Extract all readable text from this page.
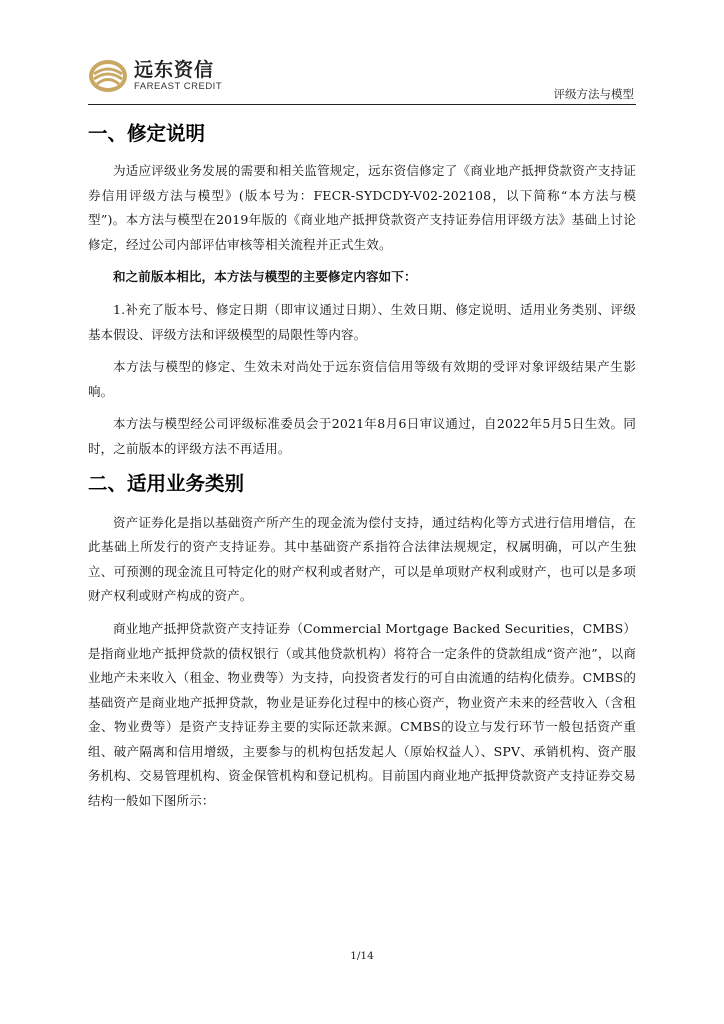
远东资信
FAREAST CREDIT
评级方法与模型
一、修定说明

为适应评级业务发展的需要和相关监管规定，远东资信修定了《商业地产抵押贷款资产支持证券信用评级方法与模型》(版本号为：FECR-SYDCDY-V02-202108，以下简称“本方法与模型”)。本方法与模型在2019年版的《商业地产抵押贷款资产支持证券信用评级方法》基础上讨论修定，经过公司内部评估审核等相关流程并正式生效。

和之前版本相比，本方法与模型的主要修定内容如下：

1.补充了版本号、修定日期（即审议通过日期）、生效日期、修定说明、适用业务类别、评级基本假设、评级方法和评级模型的局限性等内容。

本方法与模型的修定、生效未对尚处于远东资信信用等级有效期的受评对象评级结果产生影响。

本方法与模型经公司评级标准委员会于2021年8月6日审议通过，自2022年5月5日生效。同时，之前版本的评级方法不再适用。

二、适用业务类别

资产证券化是指以基础资产所产生的现金流为偿付支持，通过结构化等方式进行信用增信，在此基础上所发行的资产支持证券。其中基础资产系指符合法律法规规定，权属明确，可以产生独立、可预测的现金流且可特定化的财产权利或者财产，可以是单项财产权利或财产，也可以是多项财产权利或财产构成的资产。

商业地产抵押贷款资产支持证券（Commercial Mortgage Backed Securities，CMBS）是指商业地产抵押贷款的债权银行（或其他贷款机构）将符合一定条件的贷款组成“资产池”，以商业地产未来收入（租金、物业费等）为支持，向投资者发行的可自由流通的结构化债券。CMBS的基础资产是商业地产抵押贷款，物业是证券化过程中的核心资产，物业资产未来的经营收入（含租金、物业费等）是资产支持证券主要的实际还款来源。CMBS的设立与发行环节一般包括资产重组、破产隔离和信用增级，主要参与的机构包括发起人（原始权益人）、SPV、承销机构、资产服务机构、交易管理机构、资金保管机构和登记机构。目前国内商业地产抵押贷款资产支持证券交易结构一般如下图所示：

1/14
